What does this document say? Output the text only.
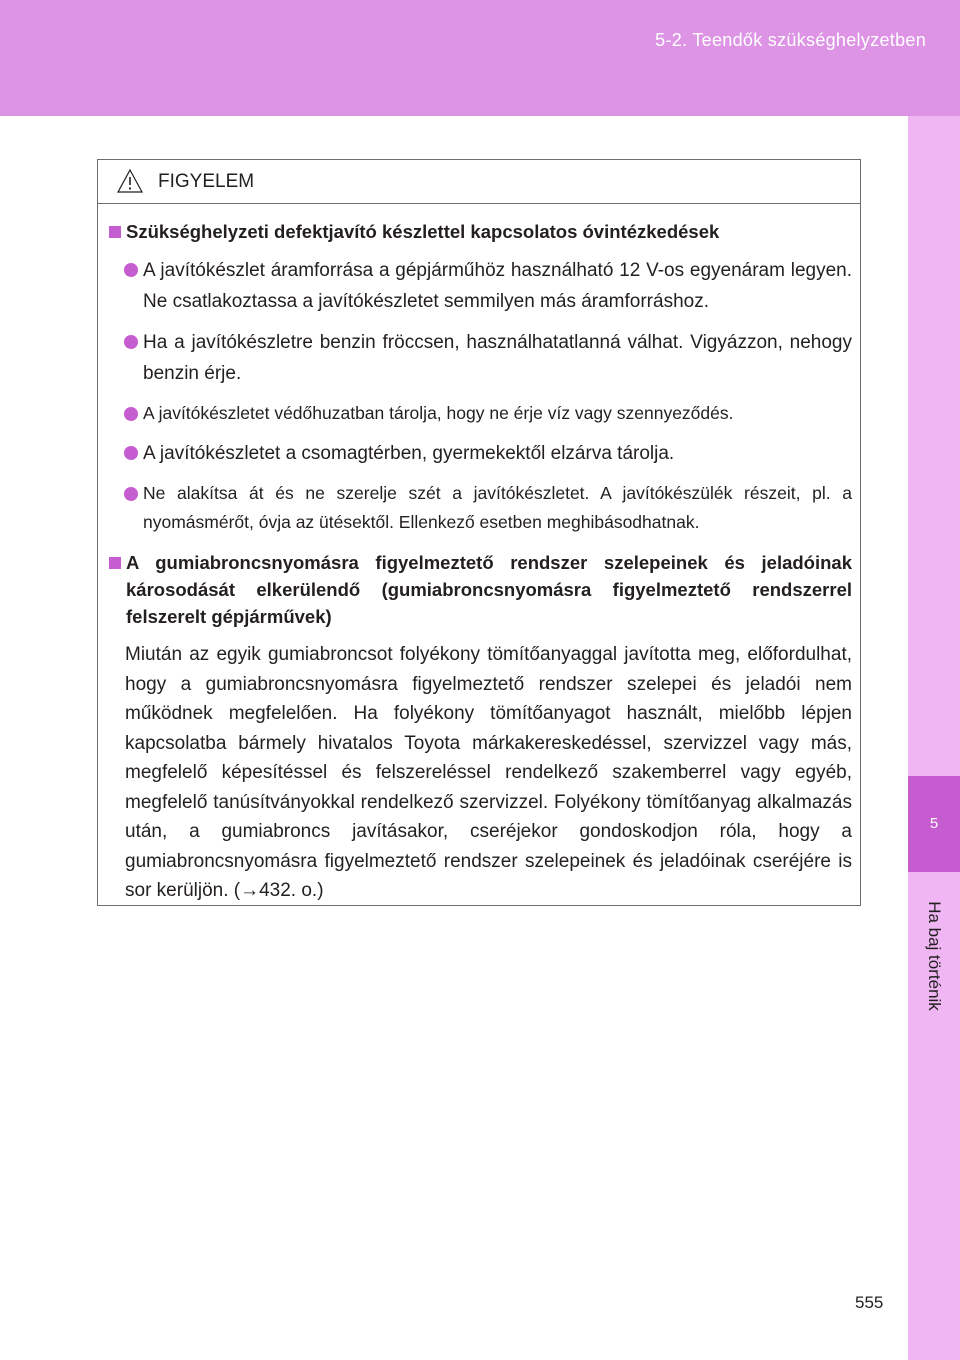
5-2. Teendők szükséghelyzetben
5
Ha baj történik
FIGYELEM
Szükséghelyzeti defektjavító készlettel kapcsolatos óvintézkedések
A javítókészlet áramforrása a gépjárműhöz használható 12 V-os egyenáram legyen. Ne csatlakoztassa a javítókészletet semmilyen más áramforráshoz.
Ha a javítókészletre benzin fröccsen, használhatatlanná válhat. Vigyázzon, nehogy benzin érje.
A javítókészletet védőhuzatban tárolja, hogy ne érje víz vagy szennyeződés.
A javítókészletet a csomagtérben, gyermekektől elzárva tárolja.
Ne alakítsa át és ne szerelje szét a javítókészletet. A javítókészülék részeit, pl. a nyomásmérőt, óvja az ütésektől. Ellenkező esetben meghibásodhatnak.
A gumiabroncsnyomásra figyelmeztető rendszer szelepeinek és jeladóinak károsodását elkerülendő (gumiabroncsnyomásra figyelmeztető rendszerrel felszerelt gépjárművek)
Miután az egyik gumiabroncsot folyékony tömítőanyaggal javította meg, előfordulhat, hogy a gumiabroncsnyomásra figyelmeztető rendszer szelepei és jeladói nem működnek megfelelően. Ha folyékony tömítőanyagot használt, mielőbb lépjen kapcsolatba bármely hivatalos Toyota márkakereskedéssel, szervizzel vagy más, megfelelő képesítéssel és felszereléssel rendelkező szakemberrel vagy egyéb, megfelelő tanúsítványokkal rendelkező szervizzel. Folyékony tömítőanyag alkalmazás után, a gumiabroncs javításakor, cseréjekor gondoskodjon róla, hogy a gumiabroncsnyomásra figyelmeztető rendszer szelepeinek és jeladóinak cseréjére is sor kerüljön. (→432. o.)
555
